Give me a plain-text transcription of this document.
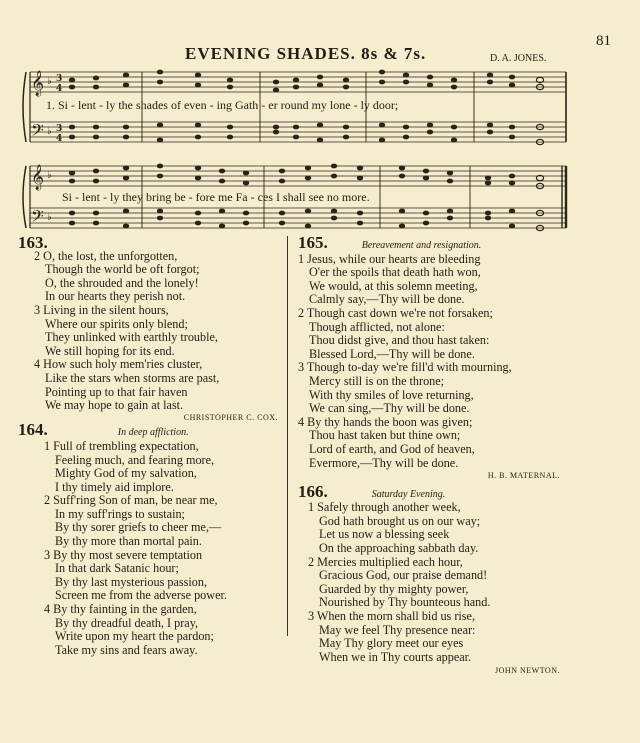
EVENING SHADES. 8s & 7s.
81
D. A. JONES.
𝄞
𝄢
𝄞
𝄢
♭
♭
♭
♭
3
4
3
4
1. Si - lent - ly the shades of even - ing Gath - er round my lone - ly door;
Si - lent - ly they bring be - fore me Fa - ces I shall see no more.
163.
2 O, the lost, the unforgotten,
Though the world be oft forgot;
O, the shrouded and the lonely!
In our hearts they perish not.
3 Living in the silent hours,
Where our spirits only blend;
They unlinked with earthly trouble,
We still hoping for its end.
4 How such holy mem'ries cluster,
Like the stars when storms are past,
Pointing up to that fair haven
We may hope to gain at last.
CHRISTOPHER C. COX.
164.	In deep affliction.
1 Full of trembling expectation,
Feeling much, and fearing more,
Mighty God of my salvation,
I thy timely aid implore.
2 Suff'ring Son of man, be near me,
In my suff'rings to sustain;
By thy sorer griefs to cheer me,—
By thy more than mortal pain.
3 By thy most severe temptation
In that dark Satanic hour;
By thy last mysterious passion,
Screen me from the adverse power.
4 By thy fainting in the garden,
By thy dreadful death, I pray,
Write upon my heart the pardon;
Take my sins and fears away.
165.	Bereavement and resignation.
1 Jesus, while our hearts are bleeding
O'er the spoils that death hath won,
We would, at this solemn meeting,
Calmly say,—Thy will be done.
2 Though cast down we're not forsaken;
Though afflicted, not alone:
Thou didst give, and thou hast taken:
Blessed Lord,—Thy will be done.
3 Though to-day we're fill'd with mourning,
Mercy still is on the throne;
With thy smiles of love returning,
We can sing,—Thy will be done.
4 By thy hands the boon was given;
Thou hast taken but thine own;
Lord of earth, and God of heaven,
Evermore,—Thy will be done.
H. B. MATERNAL.
166.	Saturday Evening.
1 Safely through another week,
God hath brought us on our way;
Let us now a blessing seek
On the approaching sabbath day.
2 Mercies multiplied each hour,
Gracious God, our praise demand!
Guarded by thy mighty power,
Nourished by Thy bounteous hand.
3 When the morn shall bid us rise,
May we feel Thy presence near:
May Thy glory meet our eyes
When we in Thy courts appear.
JOHN NEWTON.
